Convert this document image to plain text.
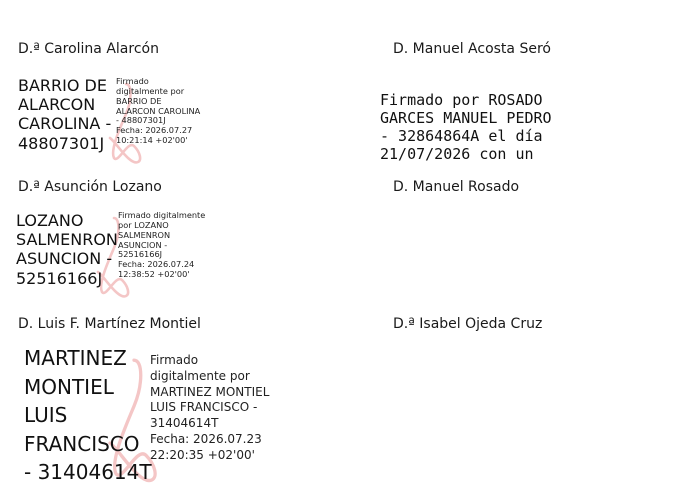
D.ª Carolina Alarcón	D. Manuel Acosta Seró
D.ª Asunción Lozano	D. Manuel Rosado
D. Luis F. Martínez Montiel	D.ª Isabel Ojeda Cruz
BARRIO DE
ALARCON
CAROLINA -
48807301J
Firmado
digitalmente por
BARRIO DE
ALARCON CAROLINA
- 48807301J
Fecha: 2026.07.27
10:21:14 +02'00'
Firmado por ROSADO
GARCES MANUEL PEDRO
- 32864864A el día
21/07/2026 con un
LOZANO
SALMENRON
ASUNCION -
52516166J
Firmado digitalmente
por LOZANO
SALMENRON
ASUNCION -
52516166J
Fecha: 2026.07.24
12:38:52 +02'00'
MARTINEZ
MONTIEL
LUIS
FRANCISCO
- 31404614T
Firmado
digitalmente por
MARTINEZ MONTIEL
LUIS FRANCISCO -
31404614T
Fecha: 2026.07.23
22:20:35 +02'00'
